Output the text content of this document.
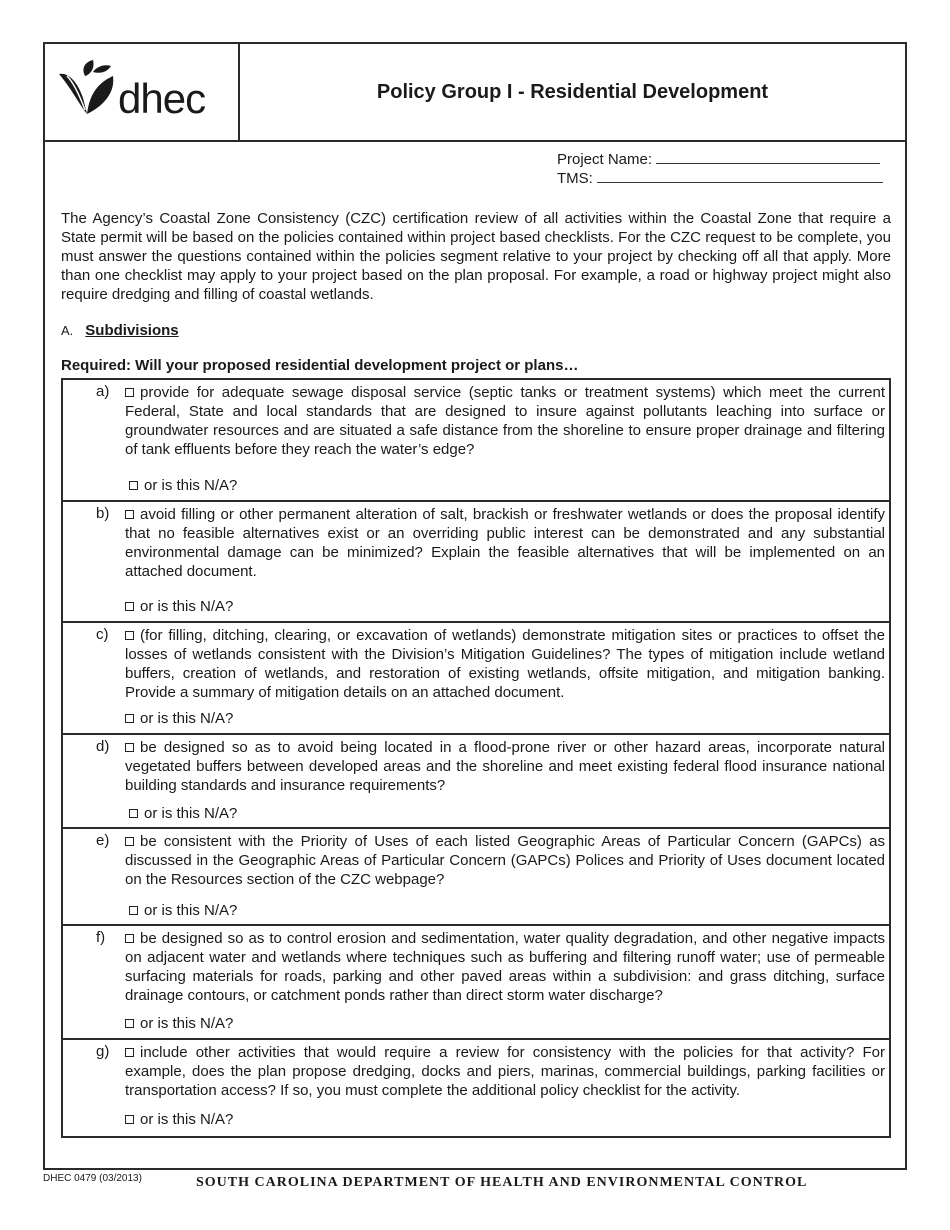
dhec	Policy Group I - Residential Development
Project Name:
TMS:
The Agency’s Coastal Zone Consistency (CZC) certification review of all activities within the Coastal Zone that require a State permit will be based on the policies contained within project based checklists. For the CZC request to be complete, you must answer the questions contained within the policies segment relative to your project by checking off all that apply. More than one checklist may apply to your project based on the plan proposal. For example, a road or highway project might also require dredging and filling of coastal wetlands.
A. Subdivisions
Required: Will your proposed residential development project or plans…
a)	provide for adequate sewage disposal service (septic tanks or treatment systems) which meet the current Federal, State and local standards that are designed to insure against pollutants leaching into surface or groundwater resources and are situated a safe distance from the shoreline to ensure proper drainage and filtering of tank effluents before they reach the water’s edge?
or is this N/A?
b)	avoid filling or other permanent alteration of salt, brackish or freshwater wetlands or does the proposal identify that no feasible alternatives exist or an overriding public interest can be demonstrated and any substantial environmental damage can be minimized? Explain the feasible alternatives that will be implemented on an attached document.
or is this N/A?
c)	(for filling, ditching, clearing, or excavation of wetlands) demonstrate mitigation sites or practices to offset the losses of wetlands consistent with the Division’s Mitigation Guidelines? The types of mitigation include wetland buffers, creation of wetlands, and restoration of existing wetlands, offsite mitigation, and mitigation banking. Provide a summary of mitigation details on an attached document.
or is this N/A?
d)	be designed so as to avoid being located in a flood-prone river or other hazard areas, incorporate natural vegetated buffers between developed areas and the shoreline and meet existing federal flood insurance national building standards and insurance requirements?
or is this N/A?
e)	be consistent with the Priority of Uses of each listed Geographic Areas of Particular Concern (GAPCs) as discussed in the Geographic Areas of Particular Concern (GAPCs) Polices and Priority of Uses document located on the Resources section of the CZC webpage?
or is this N/A?
f)	be designed so as to control erosion and sedimentation, water quality degradation, and other negative impacts on adjacent water and wetlands where techniques such as buffering and filtering runoff water; use of permeable surfacing materials for roads, parking and other paved areas within a subdivision: and grass ditching, surface drainage contours, or catchment ponds rather than direct storm water discharge?
or is this N/A?
g)	include other activities that would require a review for consistency with the policies for that activity? For example, does the plan propose dredging, docks and piers, marinas, commercial buildings, parking facilities or transportation access? If so, you must complete the additional policy checklist for the activity.
or is this N/A?
DHEC 0479 (03/2013)	SOUTH CAROLINA DEPARTMENT OF HEALTH AND ENVIRONMENTAL CONTROL
